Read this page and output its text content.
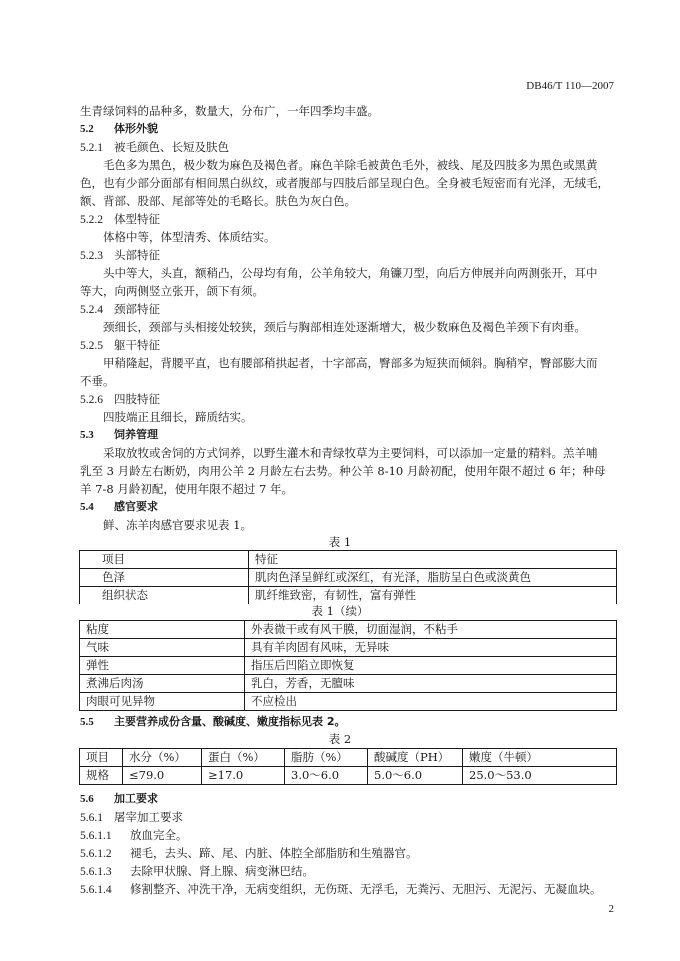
DB46/T 110—2007
生青绿饲料的品种多，数量大，分布广，一年四季均丰盛。
5.2 体形外貌
5.2.1 被毛颜色、长短及肤色
毛色多为黑色，极少数为麻色及褐色者。麻色羊除毛被黄色毛外，被线、尾及四肢多为黑色或黑黄
色，也有少部分面部有相间黑白纵纹，或者腹部与四肢后部呈现白色。全身被毛短密而有光泽，无绒毛，
额、背部、股部、尾部等处的毛略长。肤色为灰白色。
5.2.2 体型特征
体格中等，体型清秀、体质结实。
5.2.3 头部特征
头中等大，头直，额稍凸，公母均有角，公羊角较大，角镰刀型，向后方伸展并向两测张开，耳中
等大，向两侧竖立张开，颌下有须。
5.2.4 颈部特征
颈细长，颈部与头相接处较狭，颈后与胸部相连处逐渐增大，极少数麻色及褐色羊颈下有肉垂。
5.2.5 躯干特征
甲稍隆起，背腰平直，也有腰部稍拱起者，十字部高，臀部多为短狭而倾斜。胸稍窄，臀部膨大而
不垂。
5.2.6 四肢特征
四肢端正且细长，蹄质结实。
5.3 饲养管理
采取放牧或舍饲的方式饲养，以野生灌木和青绿牧草为主要饲料，可以添加一定量的精料。羔羊哺
乳至 3 月龄左右断奶，肉用公羊 2 月龄左右去势。种公羊 8-10 月龄初配，使用年限不超过 6 年；种母
羊 7-8 月龄初配，使用年限不超过 7 年。
5.4 感官要求
鲜、冻羊肉感官要求见表 1。
表 1
项目	特征
色泽	肌肉色泽呈鲜红或深红，有光泽，脂肪呈白色或淡黄色
组织状态	肌纤维致密，有韧性，富有弹性
表 1（续）
粘度	外表微干或有风干膜，切面湿润，不粘手
气味	具有羊肉固有风味，无异味
弹性	指压后凹陷立即恢复
煮沸后肉汤	乳白，芳香，无膻味
肉眼可见异物	不应检出
5.5 主要营养成份含量、酸碱度、嫩度指标见表 2。
表 2
项目	水分（%）	蛋白（%）	脂肪（%）	酸碱度（PH）	嫩度（牛顿）
规格	≤79.0	≥17.0	3.0～6.0	5.0～6.0	25.0～53.0
5.6 加工要求
5.6.1 屠宰加工要求
5.6.1.1 放血完全。
5.6.1.2 褪毛，去头、蹄、尾、内脏、体腔全部脂肪和生殖器官。
5.6.1.3 去除甲状腺、肾上腺、病变淋巴结。
5.6.1.4 修割整齐、冲洗干净，无病变组织，无伤斑、无浮毛，无粪污、无胆污、无泥污、无凝血块。
2
